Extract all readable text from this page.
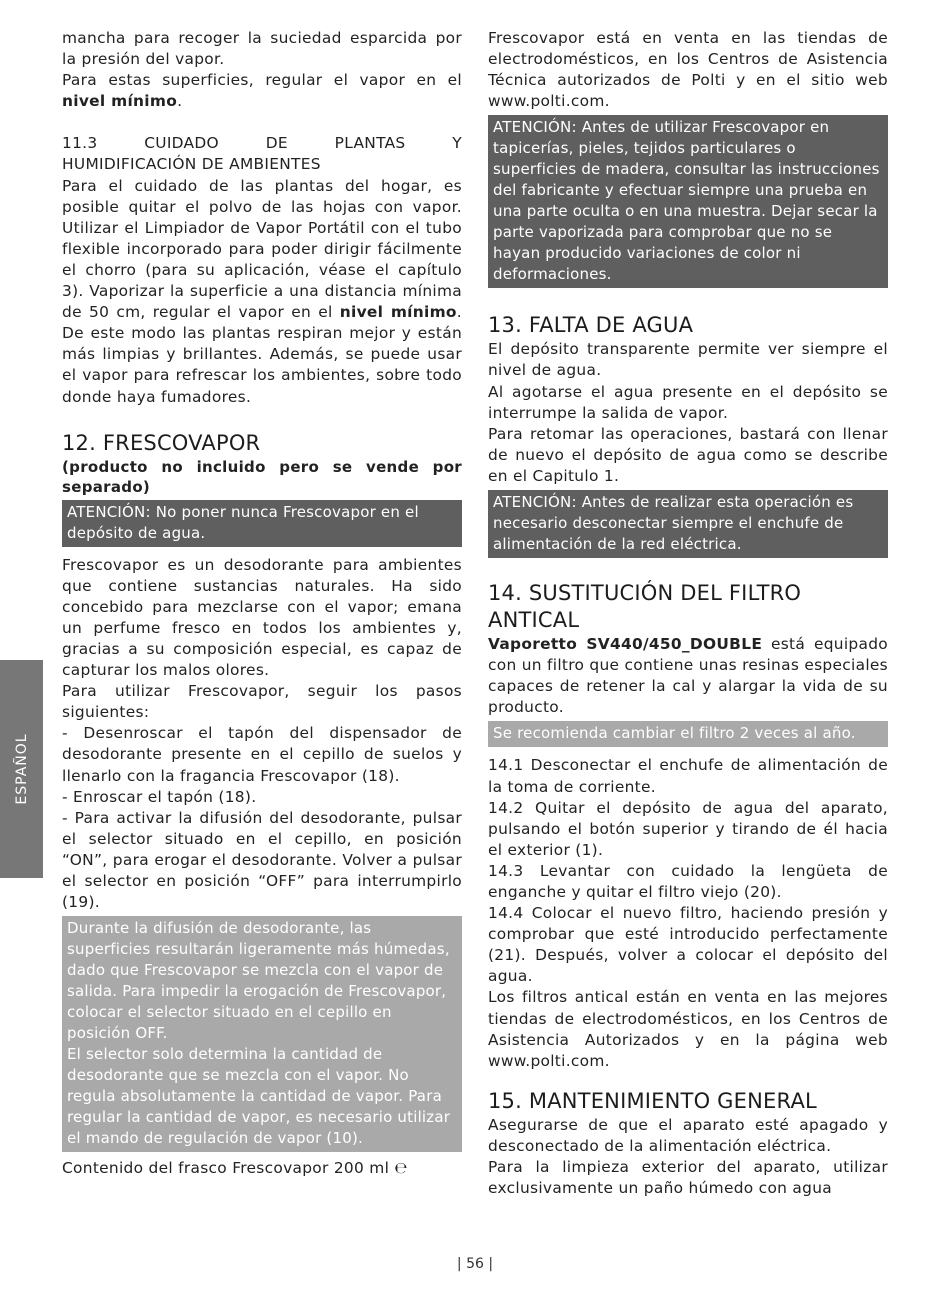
ESPAÑOL

mancha para recoger la suciedad esparcida por la presión del vapor.

Para estas superficies, regular el vapor en el nivel mínimo.

11.3	CUIDADO	DE	PLANTAS	Y

HUMIDIFICACIÓN DE AMBIENTES

Para el cuidado de las plantas del hogar, es posible quitar el polvo de las hojas con vapor. Utilizar el Limpiador de Vapor Portátil con el tubo flexible incorporado para poder dirigir fácilmente el chorro (para su aplicación, véase el capítulo 3). Vaporizar la superficie a una distancia mínima de 50 cm, regular el vapor en el nivel mínimo. De este modo las plantas respiran mejor y están más limpias y brillantes. Además, se puede usar el vapor para refrescar los ambientes, sobre todo donde haya fumadores.

12. FRESCOVAPOR

(producto no incluido pero se vende por separado)

ATENCIÓN: No poner nunca Frescovapor en el depósito de agua.

Frescovapor es un desodorante para ambientes que contiene sustancias naturales. Ha sido concebido para mezclarse con el vapor; emana un perfume fresco en todos los ambientes y, gracias a su composición especial, es capaz de capturar los malos olores.

Para utilizar Frescovapor, seguir los pasos siguientes:

- Desenroscar el tapón del dispensador de desodorante presente en el cepillo de suelos y llenarlo con la fragancia Frescovapor (18).

- Enroscar el tapón (18).

- Para activar la difusión del desodorante, pulsar el selector situado en el cepillo, en posición “ON”, para erogar el desodorante. Volver a pulsar el selector en posición “OFF” para interrumpirlo (19).

Durante la difusión de desodorante, las superficies resultarán ligeramente más húmedas, dado que Frescovapor se mezcla con el vapor de salida. Para impedir la erogación de Frescovapor, colocar el selector situado en el cepillo en posición OFF.
El selector solo determina la cantidad de desodorante que se mezcla con el vapor. No regula absolutamente la cantidad de vapor. Para regular la cantidad de vapor, es necesario utilizar el mando de regulación de vapor (10).

Contenido del frasco Frescovapor 200 ml ℮

Frescovapor está en venta en las tiendas de electrodomésticos, en los Centros de Asistencia Técnica autorizados de Polti y en el sitio web www.polti.com.

ATENCIÓN: Antes de utilizar Frescovapor en tapicerías, pieles, tejidos particulares o superficies de madera, consultar las instrucciones del fabricante y efectuar siempre una prueba en una parte oculta o en una muestra. Dejar secar la parte vaporizada para comprobar que no se hayan producido variaciones de color ni deformaciones.
13. FALTA DE AGUA

El depósito transparente permite ver siempre el nivel de agua.

Al agotarse el agua presente en el depósito se interrumpe la salida de vapor.

Para retomar las operaciones, bastará con llenar de nuevo el depósito de agua como se describe en el Capitulo 1.

ATENCIÓN: Antes de realizar esta operación es necesario desconectar siempre el enchufe de alimentación de la red eléctrica.
14. SUSTITUCIÓN DEL FILTRO ANTICAL

Vaporetto SV440/450_DOUBLE está equipado con un filtro que contiene unas resinas especiales capaces de retener la cal y alargar la vida de su producto.

Se recomienda cambiar el filtro 2 veces al año.

14.1 Desconectar el enchufe de alimentación de la toma de corriente.

14.2 Quitar el depósito de agua del aparato, pulsando el botón superior y tirando de él hacia el exterior (1).

14.3 Levantar con cuidado la lengüeta de enganche y quitar el filtro viejo (20).

14.4 Colocar el nuevo filtro, haciendo presión y comprobar que esté introducido perfectamente (21). Después, volver a colocar el depósito del agua.

Los filtros antical están en venta en las mejores tiendas de electrodomésticos, en los Centros de Asistencia Autorizados y en la página web www.polti.com.

15. MANTENIMIENTO GENERAL

Asegurarse de que el aparato esté apagado y desconectado de la alimentación eléctrica.

Para la limpieza exterior del aparato, utilizar exclusivamente un paño húmedo con agua

| 56 |
